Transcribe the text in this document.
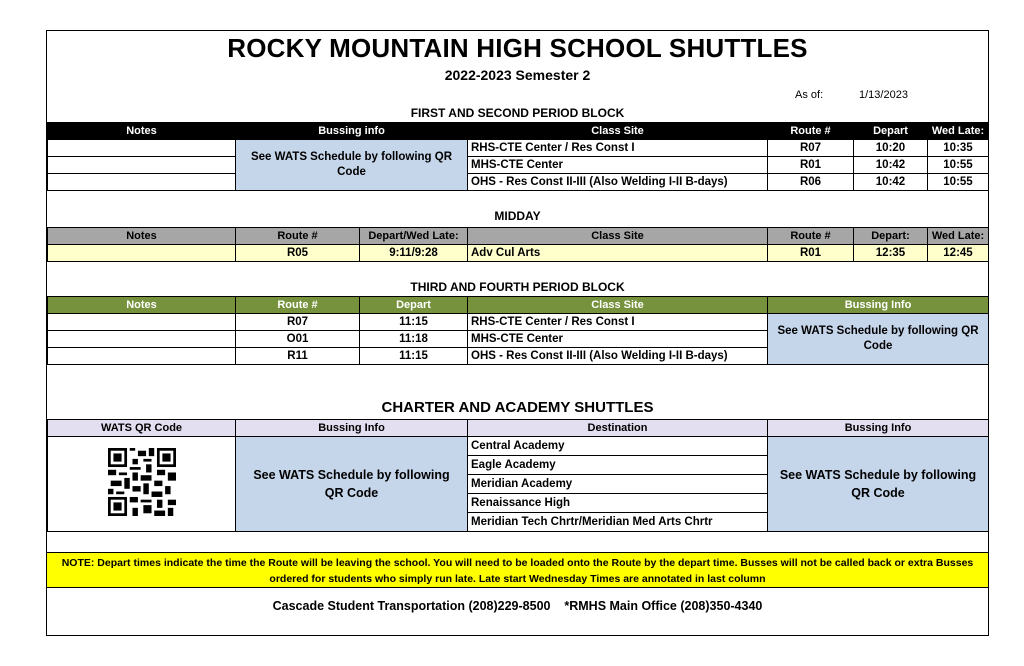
ROCKY MOUNTAIN HIGH SCHOOL SHUTTLES
2022-2023 Semester 2
As of:	1/13/2023
FIRST AND SECOND PERIOD BLOCK
Notes	Bussing info	Class Site	Route #	Depart	Wed Late:
	See WATS Schedule by following QR Code	RHS-CTE Center / Res Const I	R07	10:20	10:35
		MHS-CTE Center	R01	10:42	10:55
		OHS - Res Const II-III (Also Welding I-II B-days)	R06	10:42	10:55
MIDDAY
Notes	Route #	Depart/Wed Late:	Class Site	Route #	Depart:	Wed Late:
	R05	9:11/9:28	Adv Cul Arts	R01	12:35	12:45
THIRD AND FOURTH PERIOD BLOCK
Notes	Route #	Depart	Class Site	Bussing Info
	R07	11:15	RHS-CTE Center / Res Const I	See WATS Schedule by following QR Code
	O01	11:18	MHS-CTE Center	
	R11	11:15	OHS - Res Const II-III (Also Welding I-II B-days)	
CHARTER AND ACADEMY SHUTTLES
WATS QR Code	Bussing Info	Destination	Bussing Info
	See WATS Schedule by following QR Code	Central Academy	See WATS Schedule by following QR Code
		Eagle Academy	
		Meridian Academy	
		Renaissance High	
		Meridian Tech Chrtr/Meridian Med Arts Chrtr	
NOTE: Depart times indicate the time the Route will be leaving the school. You will need to be loaded onto the Route by the depart time. Busses will not be called back or extra Busses ordered for students who simply run late. Late start Wednesday Times are annotated in last column
Cascade Student Transportation (208)229-8500    *RMHS Main Office (208)350-4340
